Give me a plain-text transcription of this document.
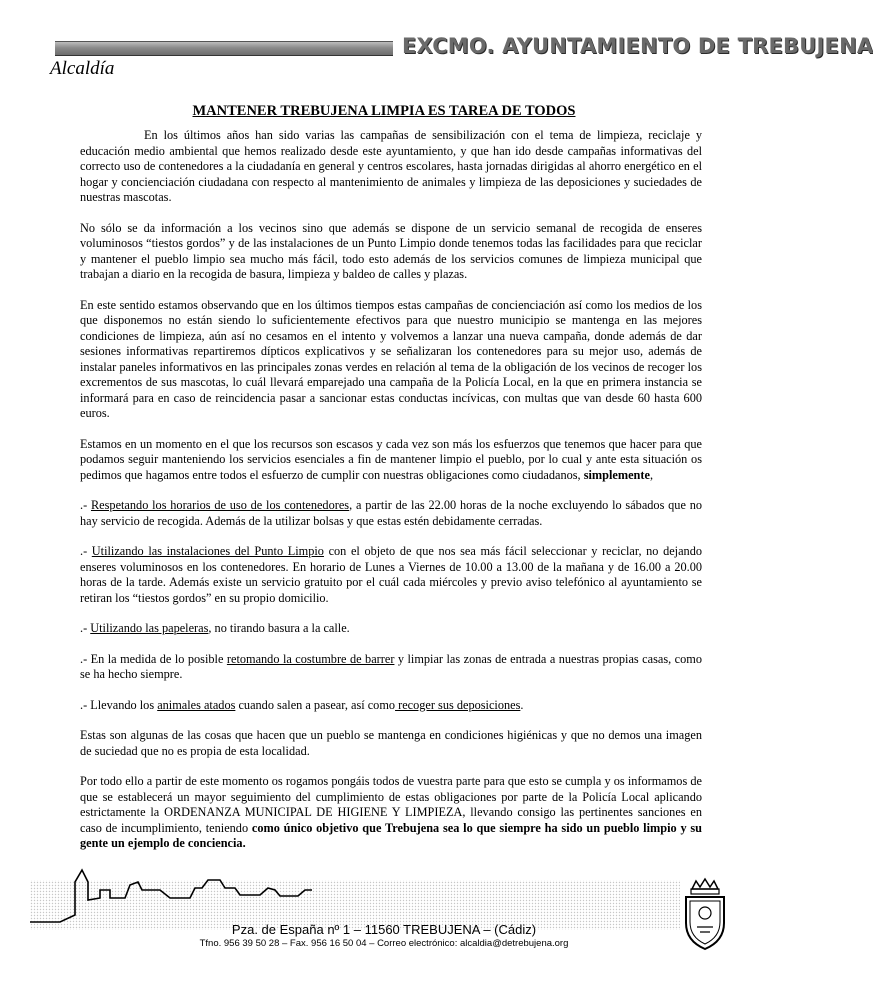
EXCMO. AYUNTAMIENTO DE TREBUJENA
Alcaldía
MANTENER TREBUJENA LIMPIA ES TAREA DE TODOS

En los últimos años han sido varias las campañas de sensibilización con el tema de limpieza, reciclaje y educación medio ambiental que hemos realizado desde este ayuntamiento, y que han ido desde campañas informativas del correcto uso de contenedores a la ciudadanía en general y centros escolares, hasta jornadas dirigidas al ahorro energético en el hogar y concienciación ciudadana con respecto al mantenimiento de animales y limpieza de las deposiciones y suciedades de nuestras mascotas.

No sólo se da información a los vecinos sino que además se dispone de un servicio semanal de recogida de enseres voluminosos “tiestos gordos” y de las instalaciones de un Punto Limpio donde tenemos todas las facilidades para que reciclar y mantener el pueblo limpio sea mucho más fácil, todo esto además de los servicios comunes de limpieza municipal que trabajan a diario en la recogida de basura, limpieza y baldeo de calles y plazas.

En este sentido estamos observando que en los últimos tiempos estas campañas de concienciación así como los medios de los que disponemos no están siendo lo suficientemente efectivos para que nuestro municipio se mantenga en las mejores condiciones de limpieza, aún así no cesamos en el intento y volvemos a lanzar una nueva campaña, donde además de dar sesiones informativas repartiremos dípticos explicativos y se señalizaran los contenedores para su mejor uso, además de instalar paneles informativos en las principales zonas verdes en relación al tema de la obligación de los vecinos de recoger los excrementos de sus mascotas, lo cuál llevará emparejado una campaña de la Policía Local, en la que en primera instancia se informará para en caso de reincidencia pasar a sancionar estas conductas incívicas, con multas que van desde 60 hasta 600 euros.

Estamos en un momento en el que los recursos son escasos y cada vez son más los esfuerzos que tenemos que hacer para que podamos seguir manteniendo los servicios esenciales a fin de mantener limpio el pueblo, por lo cual y ante esta situación os pedimos que hagamos entre todos el esfuerzo de cumplir con nuestras obligaciones como ciudadanos, simplemente,

.- Respetando los horarios de uso de los contenedores, a partir de las 22.00 horas de la noche excluyendo lo sábados que no hay servicio de recogida. Además de la utilizar bolsas y que estas estén debidamente cerradas.

.- Utilizando las instalaciones del Punto Limpio con el objeto de que nos sea más fácil seleccionar y reciclar, no dejando enseres voluminosos en los contenedores. En horario de Lunes a Viernes de 10.00 a 13.00 de la mañana y de 16.00 a 20.00 horas de la tarde. Además existe un servicio gratuito por el cuál cada miércoles y previo aviso telefónico al ayuntamiento se retiran los “tiestos gordos” en su propio domicilio.

.- Utilizando las papeleras, no tirando basura a la calle.

.- En la medida de lo posible retomando la costumbre de barrer y limpiar las zonas de entrada a nuestras propias casas, como se ha hecho siempre.

.- Llevando los animales atados cuando salen a pasear, así como recoger sus deposiciones.

Estas son algunas de las cosas que hacen que un pueblo se mantenga en condiciones higiénicas y que no demos una imagen de suciedad que no es propia de esta localidad.

Por todo ello a partir de este momento os rogamos pongáis todos de vuestra parte para que esto se cumpla y os informamos de que se establecerá un mayor seguimiento del cumplimiento de estas obligaciones por parte de la Policía Local aplicando estrictamente la ORDENANZA MUNICIPAL DE HIGIENE Y LIMPIEZA, llevando consigo las pertinentes sanciones en caso de incumplimiento, teniendo como único objetivo que Trebujena sea lo que siempre ha sido un pueblo limpio y su gente un ejemplo de conciencia.

Pza. de España nº 1 – 11560 TREBUJENA – (Cádiz)
Tfno. 956 39 50 28 – Fax. 956 16 50 04 – Correo electrónico: alcaldia@detrebujena.org
